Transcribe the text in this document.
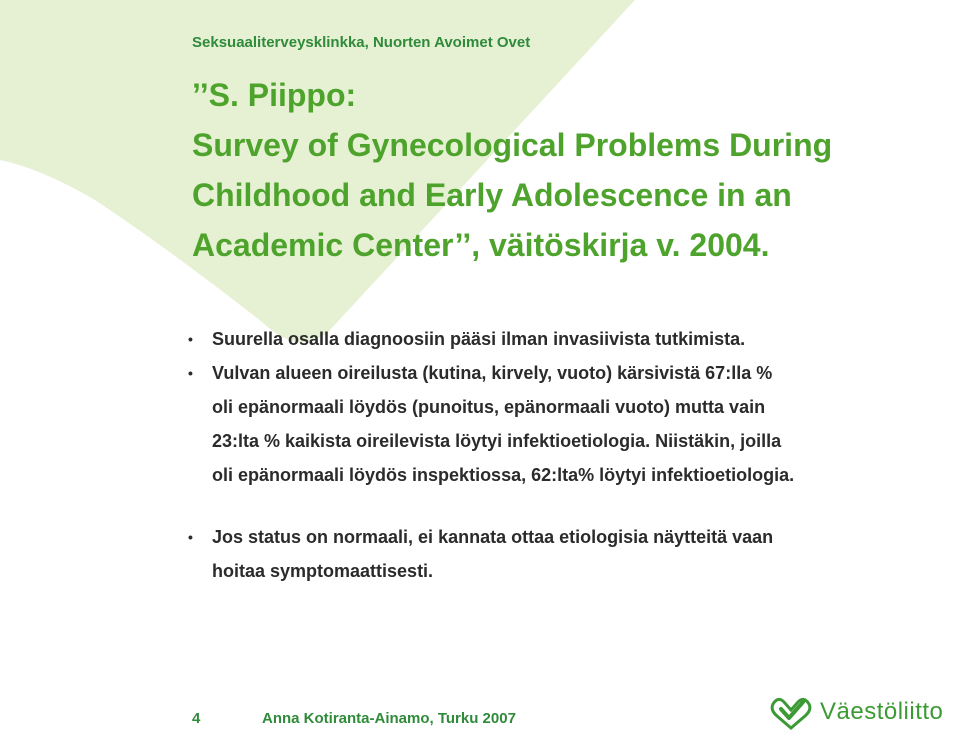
Seksuaaliterveysklinkka, Nuorten Avoimet Ovet
’’S. Piippo:
Survey of Gynecological Problems During
Childhood and Early Adolescence in an
Academic Center’’, väitöskirja v. 2004.
• Suurella osalla diagnoosiin pääsi ilman invasiivista tutkimista.
• Vulvan alueen oireilusta (kutina, kirvely, vuoto) kärsivistä 67:lla %
oli epänormaali löydös (punoitus, epänormaali vuoto) mutta vain
23:lta % kaikista oireilevista löytyi infektioetiologia. Niistäkin, joilla
oli epänormaali löydös inspektiossa, 62:lta% löytyi infektioetiologia.
• Jos status on normaali, ei kannata ottaa etiologisia näytteitä vaan
hoitaa symptomaattisesti.
4	Anna Kotiranta-Ainamo, Turku 2007	Väestöliitto
